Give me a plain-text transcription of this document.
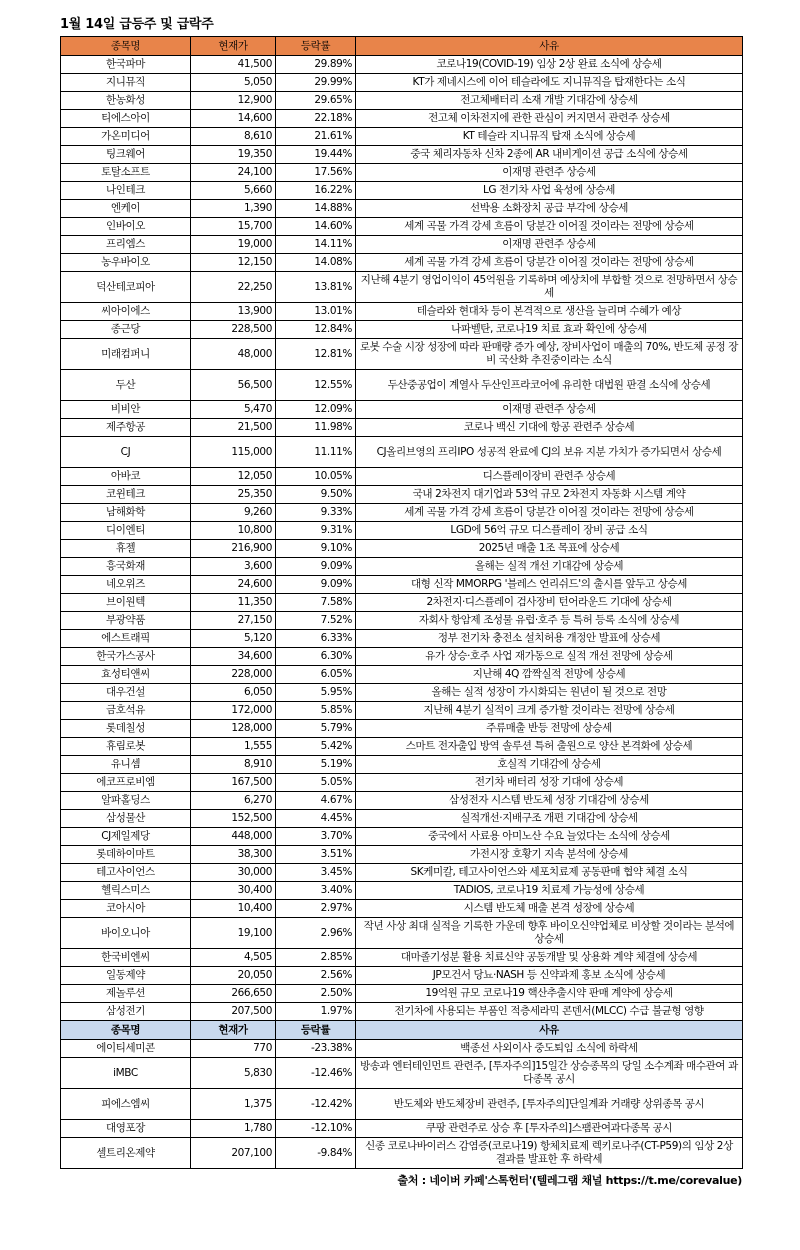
1월 14일 급등주 및 급락주
종목명	현재가	등락률	사유
한국파마	41,500	29.89%	코로나19(COVID-19) 임상 2상 완료 소식에 상승세
지니뮤직	5,050	29.99%	KT가 제네시스에 이어 테슬라에도 지니뮤직을 탑재한다는 소식
한농화성	12,900	29.65%	전고체배터리 소재 개발 기대감에 상승세
티에스아이	14,600	22.18%	전고체 이차전지에 관한 관심이 커지면서 관련주 상승세
가온미디어	8,610	21.61%	KT 테슬라 지니뮤직 탑재 소식에 상승세
팅크웨어	19,350	19.44%	중국 체리자동차 신차 2종에 AR 내비게이션 공급 소식에 상승세
토탈소프트	24,100	17.56%	이재명 관련주 상승세
나인테크	5,660	16.22%	LG 전기차 사업 육성에 상승세
엔케이	1,390	14.88%	선박용 소화장치 공급 부각에 상승세
인바이오	15,700	14.60%	세계 곡물 가격 강세 흐름이 당분간 이어질 것이라는 전망에 상승세
프리엠스	19,000	14.11%	이재명 관련주 상승세
농우바이오	12,150	14.08%	세계 곡물 가격 강세 흐름이 당분간 이어질 것이라는 전망에 상승세
덕산테코피아	22,250	13.81%	지난해 4분기 영업이익이 45억원을 기록하며 예상치에 부합할 것으로 전망하면서 상승세
씨아이에스	13,900	13.01%	테슬라와 현대차 등이 본격적으로 생산을 늘리며 수혜가 예상
종근당	228,500	12.84%	나파벨탄, 코로나19 치료 효과 확인에 상승세
미래컴퍼니	48,000	12.81%	로봇 수술 시장 성장에 따라 판매량 증가 예상, 장비사업이 매출의 70%, 반도체 공정 장비 국산화 추진중이라는 소식
두산	56,500	12.55%	두산중공업이 계열사 두산인프라코어에 유리한 대법원 판결 소식에 상승세
비비안	5,470	12.09%	이재명 관련주 상승세
제주항공	21,500	11.98%	코로나 백신 기대에 항공 관련주 상승세
CJ	115,000	11.11%	CJ올리브영의 프리IPO 성공적 완료에 CJ의 보유 지분 가치가 증가되면서 상승세
아바코	12,050	10.05%	디스플레이장비 관련주 상승세
코윈테크	25,350	9.50%	국내 2차전지 대기업과 53억 규모 2차전지 자동화 시스템 계약
남해화학	9,260	9.33%	세계 곡물 가격 강세 흐름이 당분간 이어질 것이라는 전망에 상승세
디이엔티	10,800	9.31%	LGD에 56억 규모 디스플레이 장비 공급 소식
휴젤	216,900	9.10%	2025년 매출 1조 목표에 상승세
흥국화재	3,600	9.09%	올해는 실적 개선 기대감에 상승세
네오위즈	24,600	9.09%	대형 신작 MMORPG '블레스 언리쉬드'의 출시를 앞두고 상승세
브이원텍	11,350	7.58%	2차전지·디스플레이 검사장비 턴어라운드 기대에 상승세
부광약품	27,150	7.52%	자회사 항암제 조성물 유럽·호주 등 특허 등록 소식에 상승세
에스트래픽	5,120	6.33%	정부 전기차 충전소 설치허용 개정안 발표에 상승세
한국가스공사	34,600	6.30%	유가 상승·호주 사업 재가동으로 실적 개선 전망에 상승세
효성티앤씨	228,000	6.05%	지난해 4Q 깜짝실적 전망에 상승세
대우건설	6,050	5.95%	올해는 실적 성장이 가시화되는 원년이 될 것으로 전망
금호석유	172,000	5.85%	지난해 4분기 실적이 크게 증가할 것이라는 전망에 상승세
롯데칠성	128,000	5.79%	주류매출 반등 전망에 상승세
휴림로봇	1,555	5.42%	스마트 전자출입 방역 솔루션 특허 출원으로 양산 본격화에 상승세
유니셈	8,910	5.19%	호실적 기대감에 상승세
에코프로비엠	167,500	5.05%	전기차 배터리 성장 기대에 상승세
알파홀딩스	6,270	4.67%	삼성전자 시스템 반도체 성장 기대감에 상승세
삼성물산	152,500	4.45%	실적개선·지배구조 개편 기대감에 상승세
CJ제일제당	448,000	3.70%	중국에서 사료용 아미노산 수요 늘었다는 소식에 상승세
롯데하이마트	38,300	3.51%	가전시장 호황기 지속 분석에 상승세
테고사이언스	30,000	3.45%	SK케미칼, 테고사이언스와 세포치료제 공동판매 협약 체결 소식
헬릭스미스	30,400	3.40%	TADIOS, 코로나19 치료제 가능성에 상승세
코아시아	10,400	2.97%	시스템 반도체 매출 본격 성장에 상승세
바이오니아	19,100	2.96%	작년 사상 최대 실적을 기록한 가운데 향후 바이오신약업체로 비상할 것이라는 분석에 상승세
한국비엔씨	4,505	2.85%	대마졸기성분 활용 치료신약 공동개발 및 상용화 계약 체결에 상승세
일동제약	20,050	2.56%	JP모건서 당뇨·NASH 등 신약과제 홍보 소식에 상승세
제놀루션	266,650	2.50%	19억원 규모 코로나19 핵산추출시약 판매 계약에 상승세
삼성전기	207,500	1.97%	전기차에 사용되는 부품인 적층세라믹 콘덴서(MLCC) 수급 불균형 영향
종목명	현재가	등락률	사유
에이티세미콘	770	-23.38%	백종선 사외이사 중도퇴임 소식에 하락세
iMBC	5,830	-12.46%	방송과 엔터테인먼트 관련주, [투자주의]15일간 상승종목의 당일 소수계좌 매수관여 과다종목 공시
피에스엠씨	1,375	-12.42%	반도체와 반도체장비 관련주, [투자주의]단일계좌 거래량 상위종목 공시
대영포장	1,780	-12.10%	쿠팡 관련주로 상승 후 [투자주의]스팸관여과다종목 공시
셀트리온제약	207,100	-9.84%	신종 코로나바이러스 감염증(코로나19) 항체치료제 렉키로나주(CT-P59)의 임상 2상 결과를 발표한 후 하락세
출처 : 네이버 카페'스톡헌터'(텔레그램 채널 https://t.me/corevalue)
